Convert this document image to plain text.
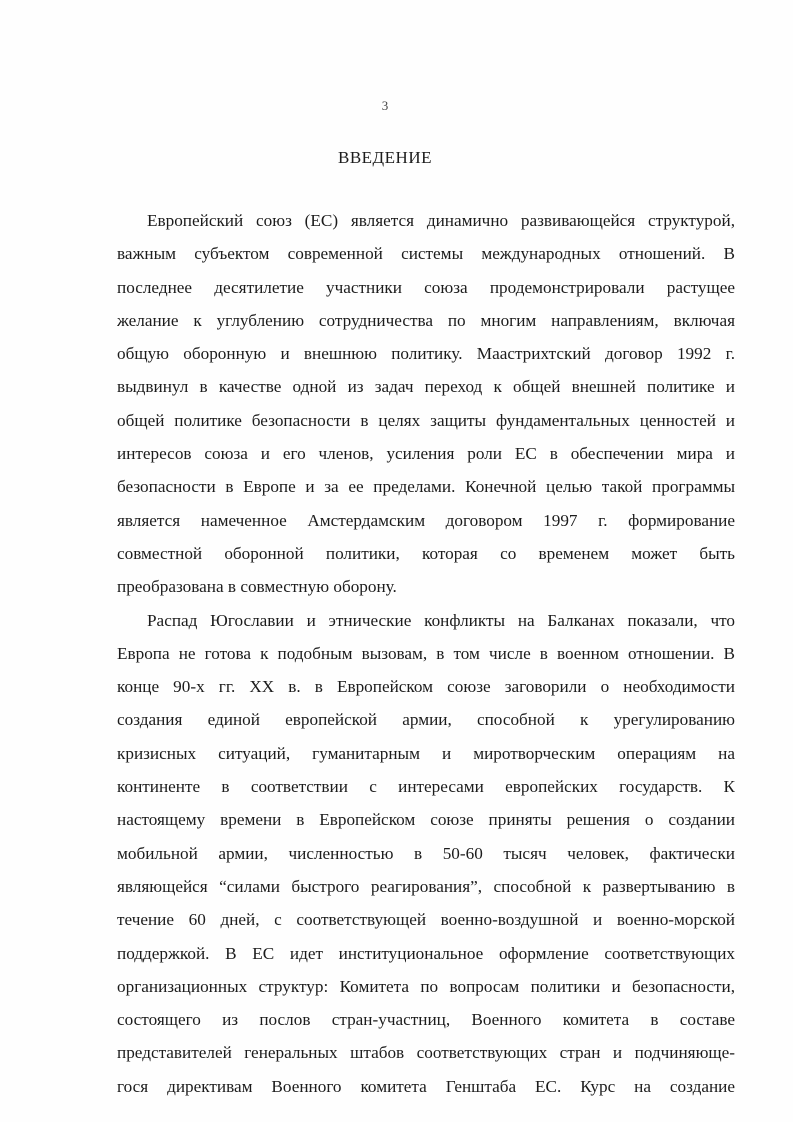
3
ВВЕДЕНИЕ
Европейский союз (ЕС) является динамично развивающейся структурой,
важным субъектом современной системы международных отношений. В
последнее десятилетие участники союза продемонстрировали растущее
желание к углублению сотрудничества по многим направлениям, включая
общую оборонную и внешнюю политику. Маастрихтский договор 1992 г.
выдвинул в качестве одной из задач переход к общей внешней политике и
общей политике безопасности в целях защиты фундаментальных ценностей и
интересов союза и его членов, усиления роли ЕС в обеспечении мира и
безопасности в Европе и за ее пределами. Конечной целью такой программы
является намеченное Амстердамским договором 1997 г. формирование
совместной оборонной политики, которая со временем может быть
преобразована в совместную оборону.
Распад Югославии и этнические конфликты на Балканах показали, что
Европа не готова к подобным вызовам, в том числе в военном отношении. В
конце 90-х гг. XX в. в Европейском союзе заговорили о необходимости
создания единой европейской армии, способной к урегулированию
кризисных ситуаций, гуманитарным и миротворческим операциям на
континенте в соответствии с интересами европейских государств. К
настоящему времени в Европейском союзе приняты решения о создании
мобильной армии, численностью в 50-60 тысяч человек, фактически
являющейся “силами быстрого реагирования”, способной к развертыванию в
течение 60 дней, с соответствующей военно-воздушной и военно-морской
поддержкой. В ЕС идет институциональное оформление соответствующих
организационных структур: Комитета по вопросам политики и безопасности,
состоящего из послов стран-участниц, Военного комитета в составе
представителей генеральных штабов соответствующих стран и подчиняюще-
гося директивам Военного комитета Генштаба ЕС. Курс на создание
